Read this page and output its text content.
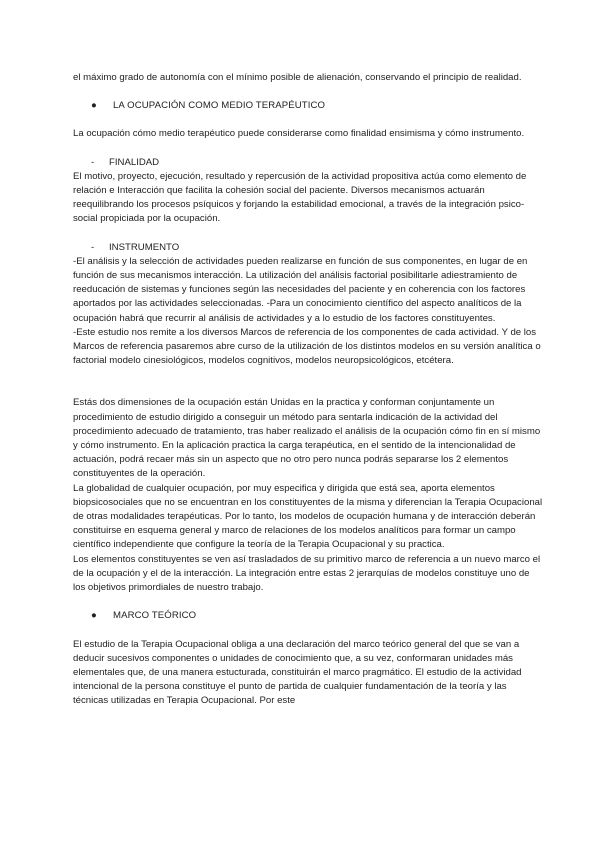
el máximo grado de autonomía con el mínimo posible de alienación, conservando el principio de realidad.

●	LA OCUPACIÓN COMO MEDIO TERAPÉUTICO

La ocupación cómo medio terapéutico puede considerarse como finalidad ensimisma y cómo instrumento.

-	FINALIDAD

El motivo, proyecto, ejecución, resultado y repercusión de la actividad propositiva actúa como elemento de relación e Interacción que facilita la cohesión social del paciente. Diversos mecanismos actuarán reequilibrando los procesos psíquicos y forjando la estabilidad emocional, a través de la integración psico-social propiciada por la ocupación.

-	INSTRUMENTO

-El análisis y la selección de actividades pueden realizarse en función de sus componentes, en lugar de en función de sus mecanismos interacción. La utilización del análisis factorial posibilitarle adiestramiento de reeducación de sistemas y funciones según las necesidades del paciente y en coherencia con los factores aportados por las actividades seleccionadas. -Para un conocimiento científico del aspecto analíticos de la ocupación habrá que recurrir al análisis de actividades y a lo estudio de los factores constituyentes.

-Este estudio nos remite a los diversos Marcos de referencia de los componentes de cada actividad. Y de los Marcos de referencia pasaremos abre curso de la utilización de los distintos modelos en su versión analítica o factorial modelo cinesiológicos, modelos cognitivos, modelos neuropsicológicos, etcétera.

Estás dos dimensiones de la ocupación están Unidas en la practica y conforman conjuntamente un procedimiento de estudio dirigido a conseguir un método para sentarla indicación de la actividad del procedimiento adecuado de tratamiento, tras haber realizado el análisis de la ocupación cómo fin en sí mismo y cómo instrumento. En la aplicación practica la carga terapéutica, en el sentido de la intencionalidad de actuación, podrá recaer más sin un aspecto que no otro pero nunca podrás separarse los 2 elementos constituyentes de la operación.

La globalidad de cualquier ocupación, por muy especifica y dirigida que está sea, aporta elementos biopsicosociales que no se encuentran en los constituyentes de la misma y diferencian la Terapia Ocupacional de otras modalidades terapéuticas. Por lo tanto, los modelos de ocupación humana y de interacción deberán constituirse en esquema general y marco de relaciones de los modelos analíticos para formar un campo científico independiente que configure la teoría de la Terapia Ocupacional y su practica.

Los elementos constituyentes se ven así trasladados de su primitivo marco de referencia a un nuevo marco el de la ocupación y el de la interacción. La integración entre estas 2 jerarquías de modelos constituye uno de los objetivos primordiales de nuestro trabajo.

●	MARCO TEÓRICO

El estudio de la Terapia Ocupacional obliga a una declaración del marco teórico general del que se van a deducir sucesivos componentes o unidades de conocimiento que, a su vez, conformaran unidades más elementales que, de una manera estucturada, constituirán el marco pragmático. El estudio de la actividad intencional de la persona constituye el punto de partida de cualquier fundamentación de la teoría y las técnicas utilizadas en Terapia Ocupacional. Por este
